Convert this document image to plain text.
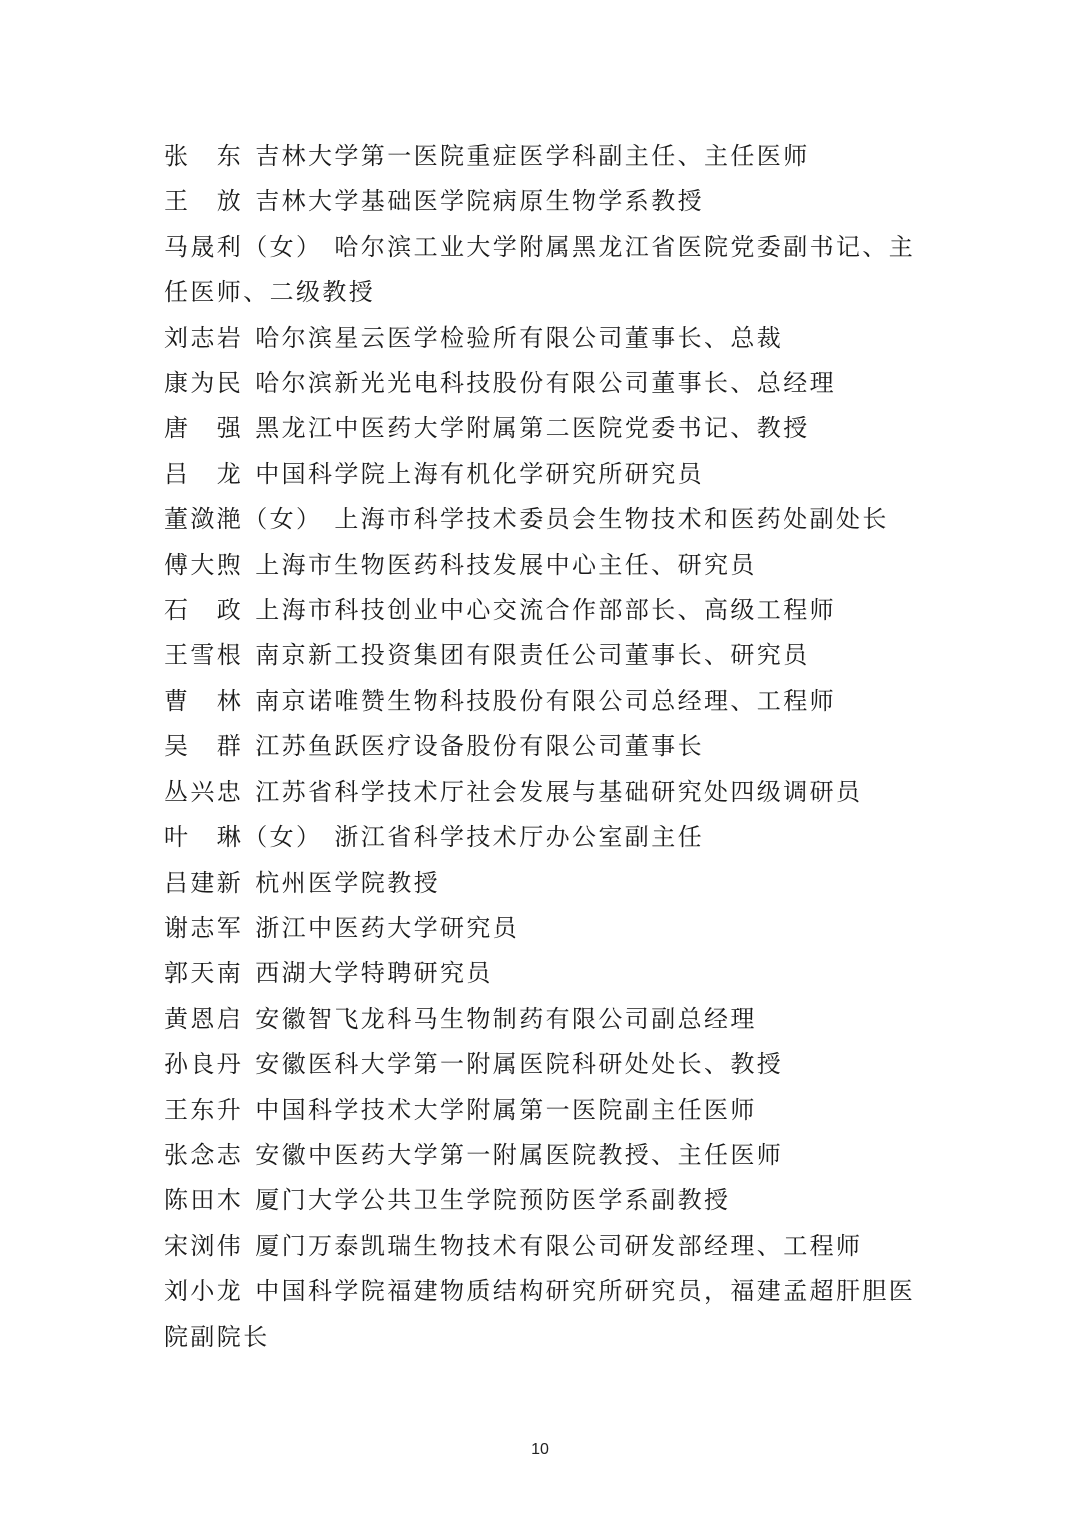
张　东 吉林大学第一医院重症医学科副主任、主任医师

王　放 吉林大学基础医学院病原生物学系教授

马晟利（女） 哈尔滨工业大学附属黑龙江省医院党委副书记、主任医师、二级教授

刘志岩 哈尔滨星云医学检验所有限公司董事长、总裁

康为民 哈尔滨新光光电科技股份有限公司董事长、总经理

唐　强 黑龙江中医药大学附属第二医院党委书记、教授

吕　龙 中国科学院上海有机化学研究所研究员

董潋滟（女） 上海市科学技术委员会生物技术和医药处副处长

傅大煦 上海市生物医药科技发展中心主任、研究员

石　政 上海市科技创业中心交流合作部部长、高级工程师

王雪根 南京新工投资集团有限责任公司董事长、研究员

曹　林 南京诺唯赞生物科技股份有限公司总经理、工程师

吴　群 江苏鱼跃医疗设备股份有限公司董事长

丛兴忠 江苏省科学技术厅社会发展与基础研究处四级调研员

叶　琳（女） 浙江省科学技术厅办公室副主任

吕建新 杭州医学院教授

谢志军 浙江中医药大学研究员

郭天南 西湖大学特聘研究员

黄恩启 安徽智飞龙科马生物制药有限公司副总经理

孙良丹 安徽医科大学第一附属医院科研处处长、教授

王东升 中国科学技术大学附属第一医院副主任医师

张念志 安徽中医药大学第一附属医院教授、主任医师

陈田木 厦门大学公共卫生学院预防医学系副教授

宋浏伟 厦门万泰凯瑞生物技术有限公司研发部经理、工程师

刘小龙 中国科学院福建物质结构研究所研究员，福建孟超肝胆医院副院长

10
